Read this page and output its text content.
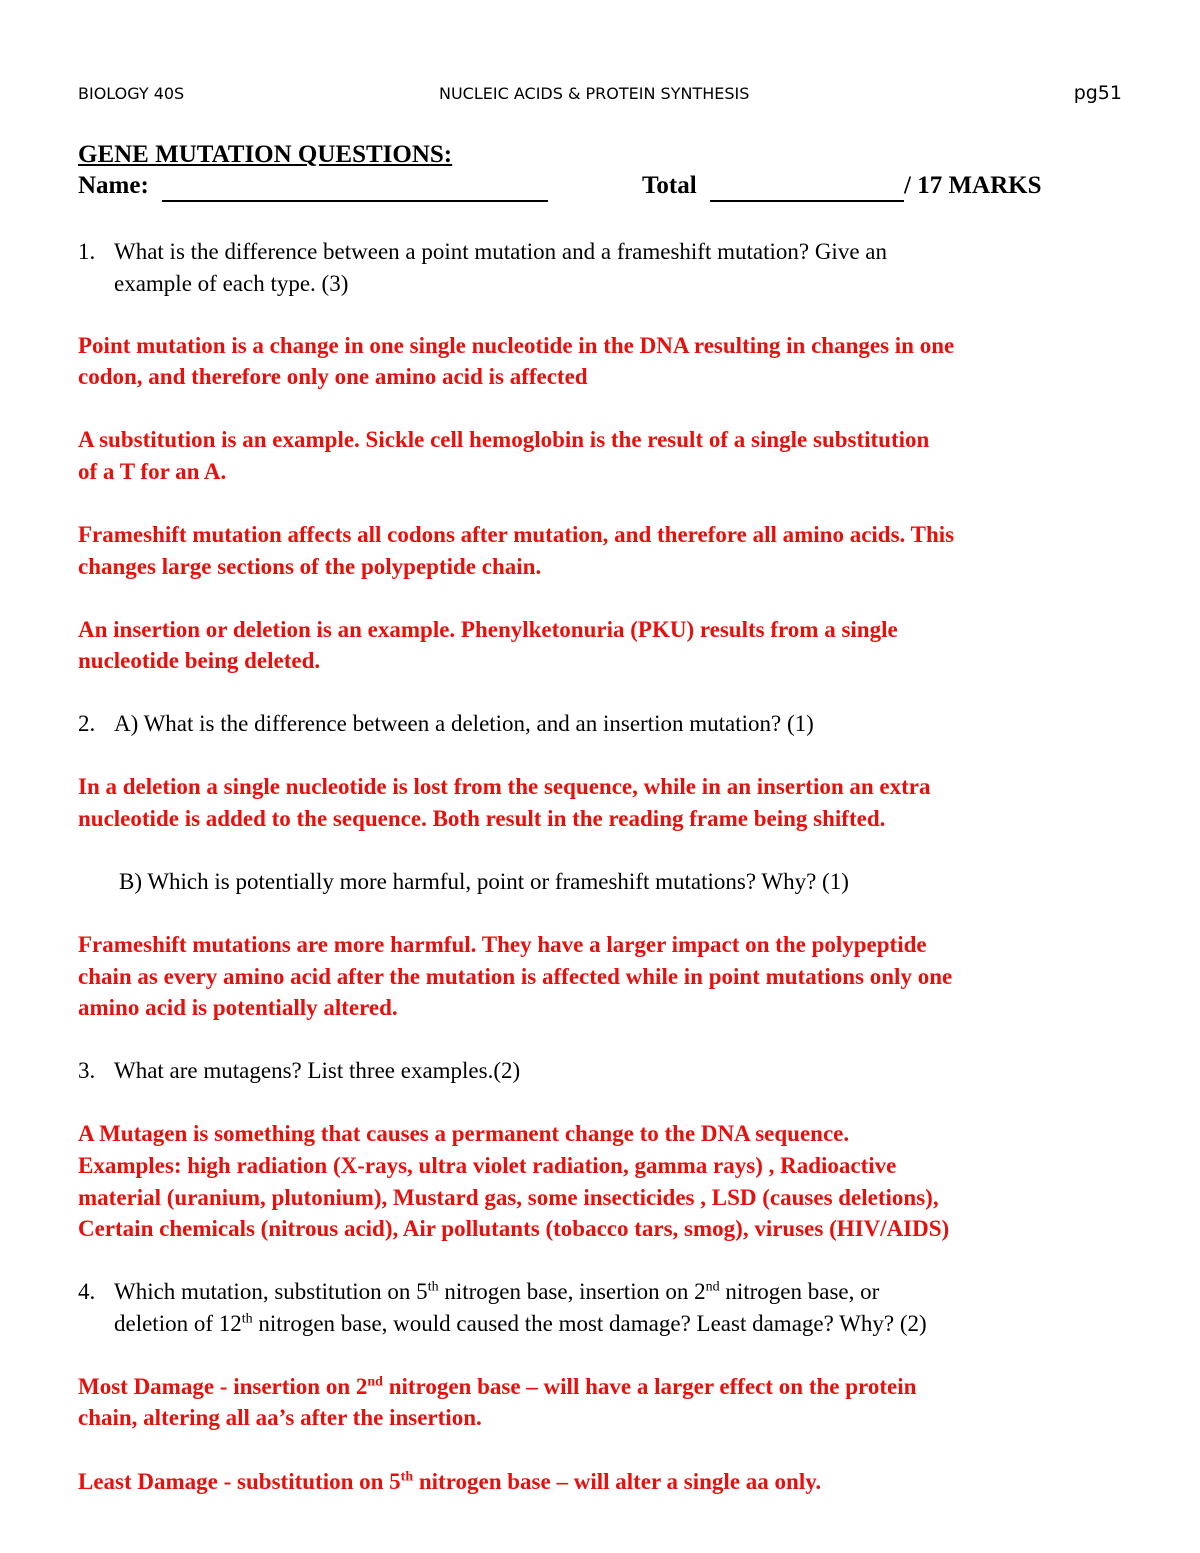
BIOLOGY 40S	NUCLEIC ACIDS & PROTEIN SYNTHESIS	pg51
GENE MUTATION QUESTIONS:
Name:	Total	/ 17 MARKS
1. What is the difference between a point mutation and a frameshift mutation? Give an
example of each type. (3)
Point mutation is a change in one single nucleotide in the DNA resulting in changes in one
codon, and therefore only one amino acid is affected
A substitution is an example. Sickle cell hemoglobin is the result of a single substitution
of a T for an A.
Frameshift mutation affects all codons after mutation, and therefore all amino acids. This
changes large sections of the polypeptide chain.
An insertion or deletion is an example. Phenylketonuria (PKU) results from a single
nucleotide being deleted.
2. A) What is the difference between a deletion, and an insertion mutation? (1)
In a deletion a single nucleotide is lost from the sequence, while in an insertion an extra
nucleotide is added to the sequence. Both result in the reading frame being shifted.
B) Which is potentially more harmful, point or frameshift mutations? Why? (1)
Frameshift mutations are more harmful. They have a larger impact on the polypeptide
chain as every amino acid after the mutation is affected while in point mutations only one
amino acid is potentially altered.
3. What are mutagens? List three examples.(2)
A Mutagen is something that causes a permanent change to the DNA sequence.
Examples: high radiation (X-rays, ultra violet radiation, gamma rays) , Radioactive
material (uranium, plutonium), Mustard gas, some insecticides , LSD (causes deletions),
Certain chemicals (nitrous acid), Air pollutants (tobacco tars, smog), viruses (HIV/AIDS)
4. Which mutation, substitution on 5th nitrogen base, insertion on 2nd nitrogen base, or
deletion of 12th nitrogen base, would caused the most damage? Least damage? Why? (2)
Most Damage - insertion on 2nd nitrogen base – will have a larger effect on the protein
chain, altering all aa’s after the insertion.
Least Damage - substitution on 5th nitrogen base – will alter a single aa only.
